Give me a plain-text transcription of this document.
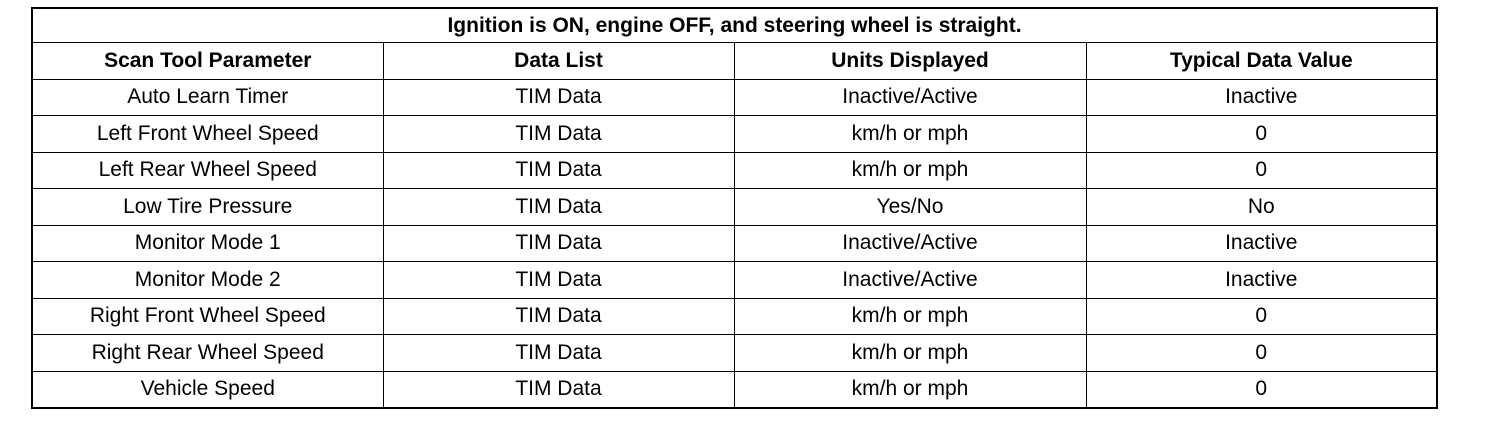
Ignition is ON, engine OFF, and steering wheel is straight.			
Scan Tool Parameter	Data List	Units Displayed	Typical Data Value
Auto Learn Timer	TIM Data	Inactive/Active	Inactive
Left Front Wheel Speed	TIM Data	km/h or mph	0
Left Rear Wheel Speed	TIM Data	km/h or mph	0
Low Tire Pressure	TIM Data	Yes/No	No
Monitor Mode 1	TIM Data	Inactive/Active	Inactive
Monitor Mode 2	TIM Data	Inactive/Active	Inactive
Right Front Wheel Speed	TIM Data	km/h or mph	0
Right Rear Wheel Speed	TIM Data	km/h or mph	0
Vehicle Speed	TIM Data	km/h or mph	0
